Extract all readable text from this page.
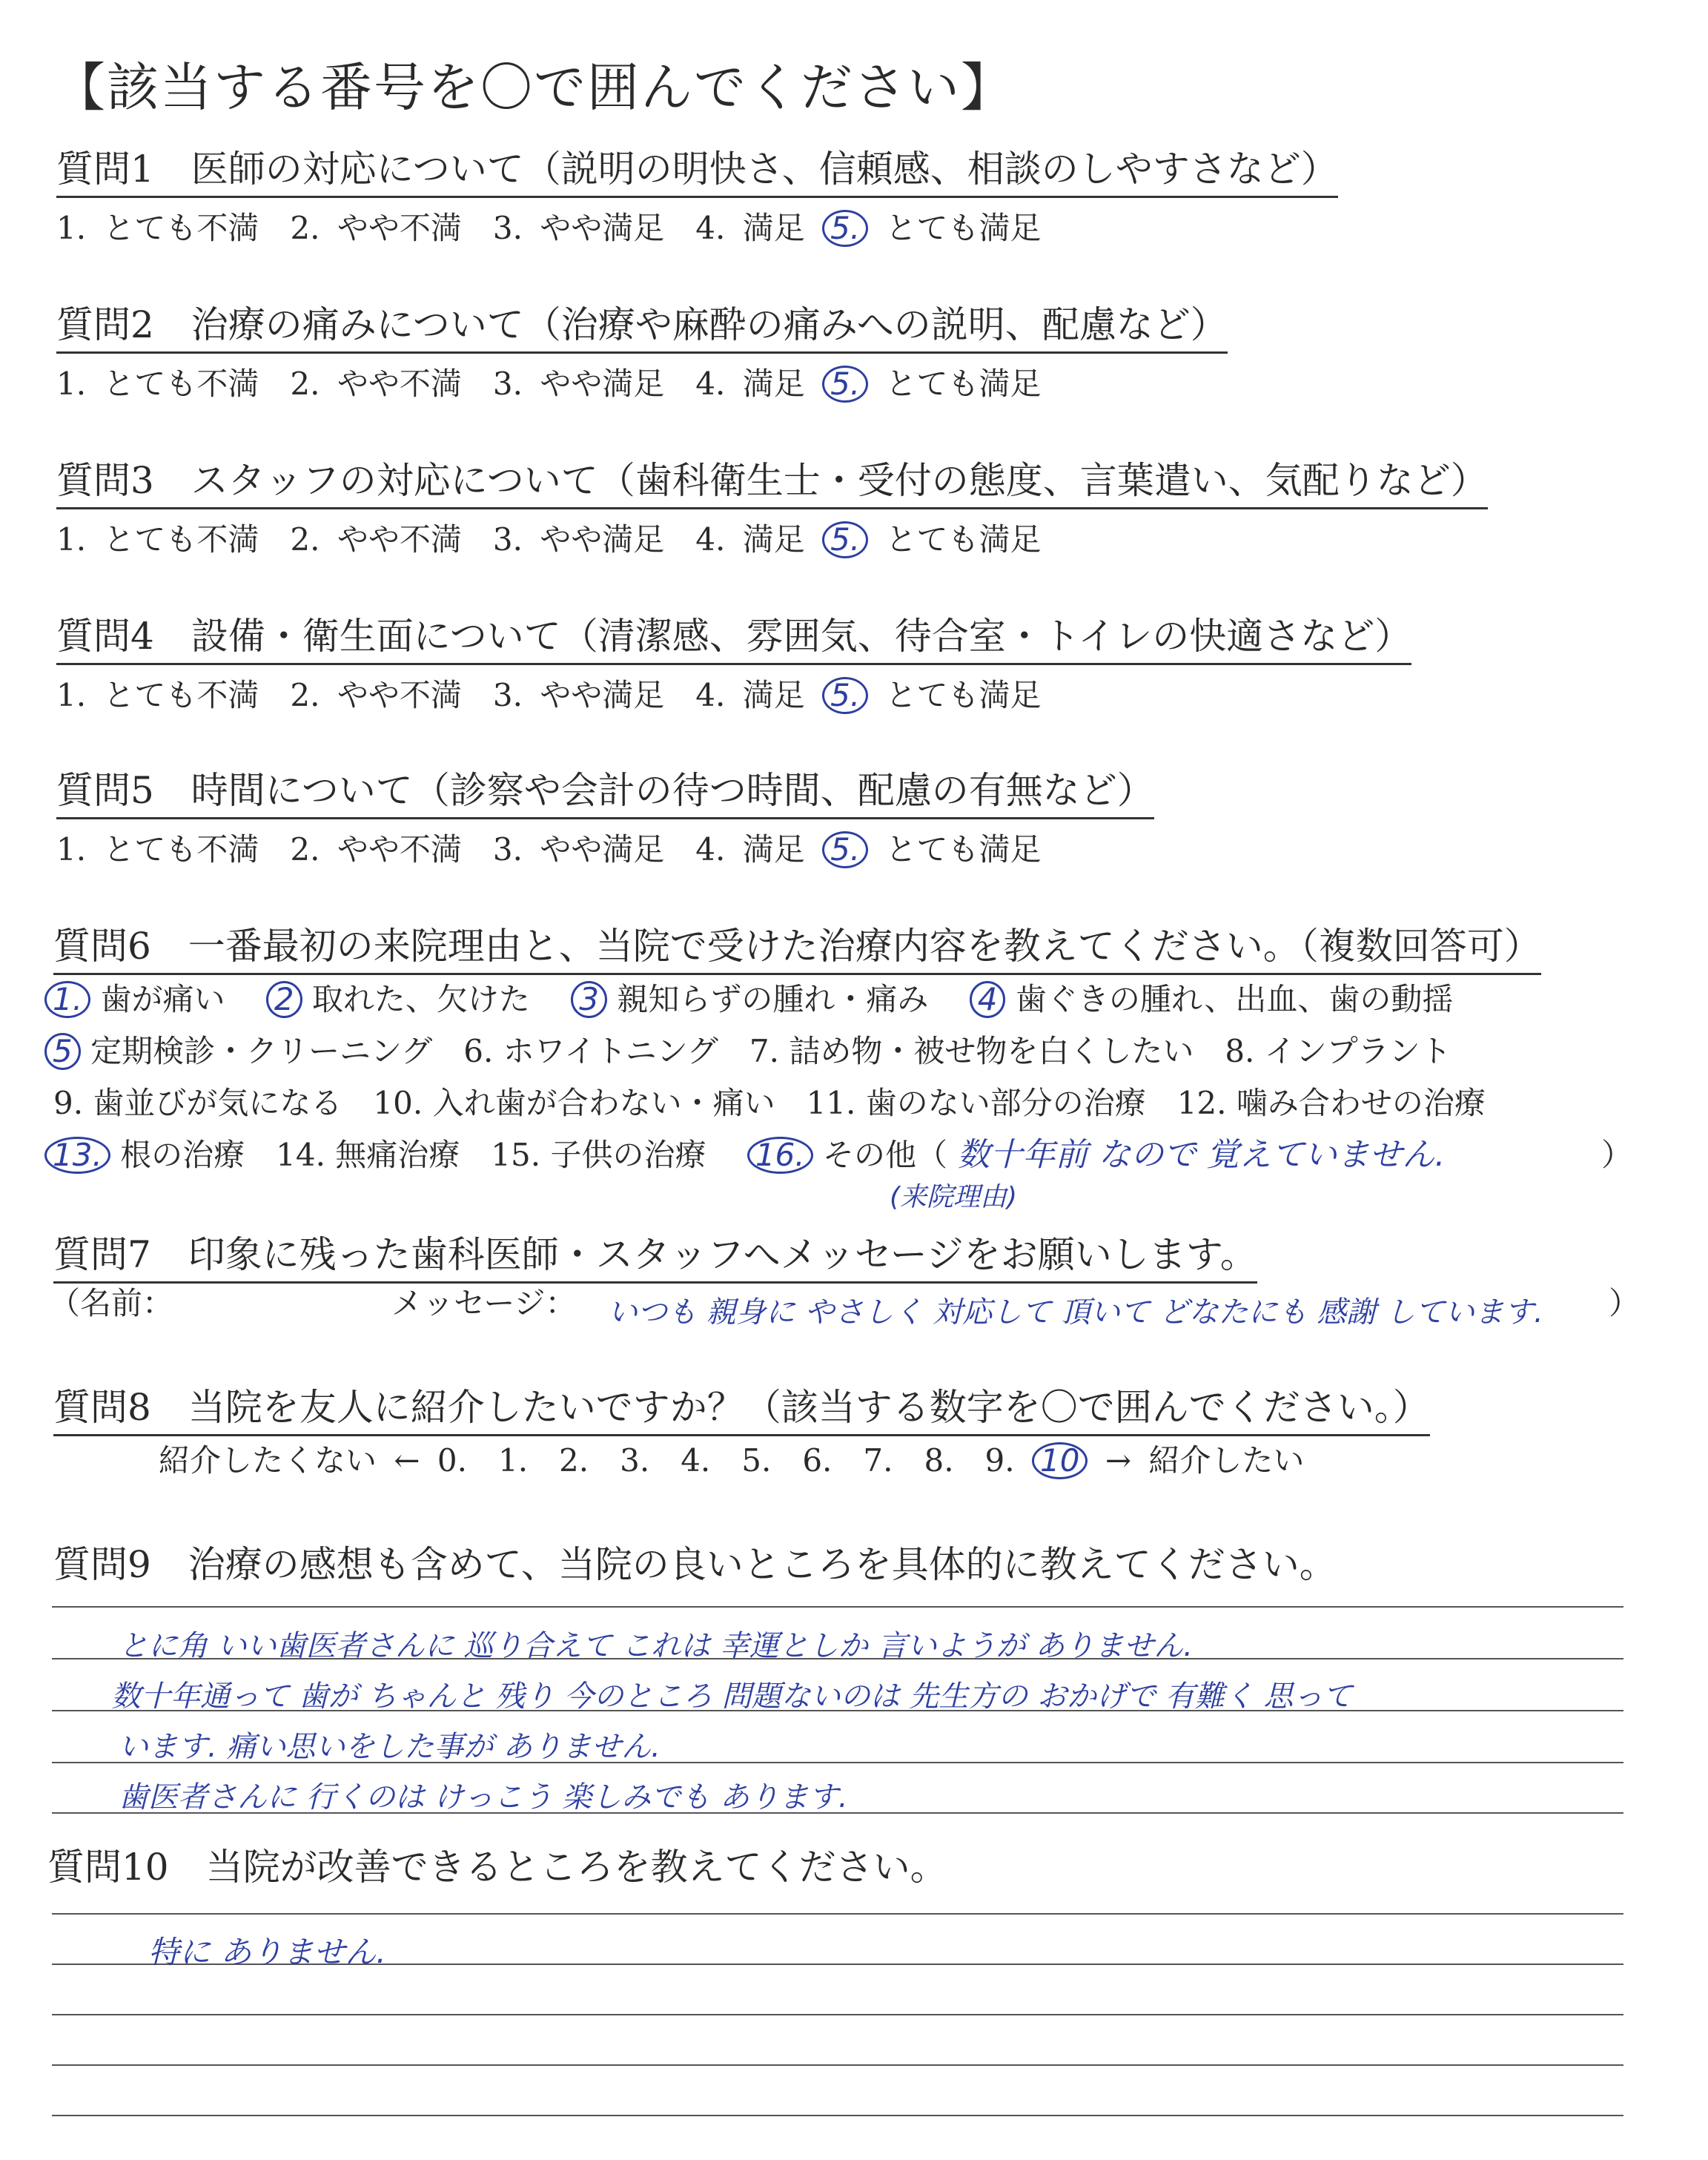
【該当する番号を〇で囲んでください】
質問1　医師の対応について（説明の明快さ、信頼感、相談のしやすさなど）
1. とても不満　2. やや不満　3. やや満足　4. 満足 5. とても満足
質問2　治療の痛みについて（治療や麻酔の痛みへの説明、配慮など）
1. とても不満　2. やや不満　3. やや満足　4. 満足 5. とても満足
質問3　スタッフの対応について（歯科衛生士・受付の態度、言葉遣い、気配りなど）
1. とても不満　2. やや不満　3. やや満足　4. 満足 5. とても満足
質問4　設備・衛生面について（清潔感、雰囲気、待合室・トイレの快適さなど）
1. とても不満　2. やや不満　3. やや満足　4. 満足 5. とても満足
質問5　時間について（診察や会計の待つ時間、配慮の有無など）
1. とても不満　2. やや不満　3. やや満足　4. 満足 5. とても満足
質問6　一番最初の来院理由と、当院で受けた治療内容を教えてください。（複数回答可）
1. 歯が痛い　 2 取れた、欠けた　 3 親知らずの腫れ・痛み　 4 歯ぐきの腫れ、出血、歯の動揺
5 定期検診・クリーニング　6. ホワイトニング　7. 詰め物・被せ物を白くしたい　8. インプラント
9. 歯並びが気になる　10. 入れ歯が合わない・痛い　11. 歯のない部分の治療　12. 噛み合わせの治療
13. 根の治療　14. 無痛治療　15. 子供の治療　 16. その他（ 数十年前 なので 覚えていません.	）
(来院理由)
質問7　印象に残った歯科医師・スタッフへメッセージをお願いします。
（名前：	メッセージ： いつも 親身に やさしく 対応して 頂いて どなたにも 感謝 しています. ）
質問8　当院を友人に紹介したいですか？（該当する数字を〇で囲んでください。）
紹介したくない ← 0.　1.　2.　3.　4.　5.　6.　7.　8.　9. 10 → 紹介したい
質問9　治療の感想も含めて、当院の良いところを具体的に教えてください。
とに角 いい歯医者さんに 巡り合えて これは 幸運としか 言いようが ありません.
数十年通って 歯が ちゃんと 残り 今のところ 問題ないのは 先生方の おかげで 有難く 思って
います. 痛い思いをした事が ありません.
歯医者さんに 行くのは けっこう 楽しみでも あります.
質問10　当院が改善できるところを教えてください。
特に ありません.
